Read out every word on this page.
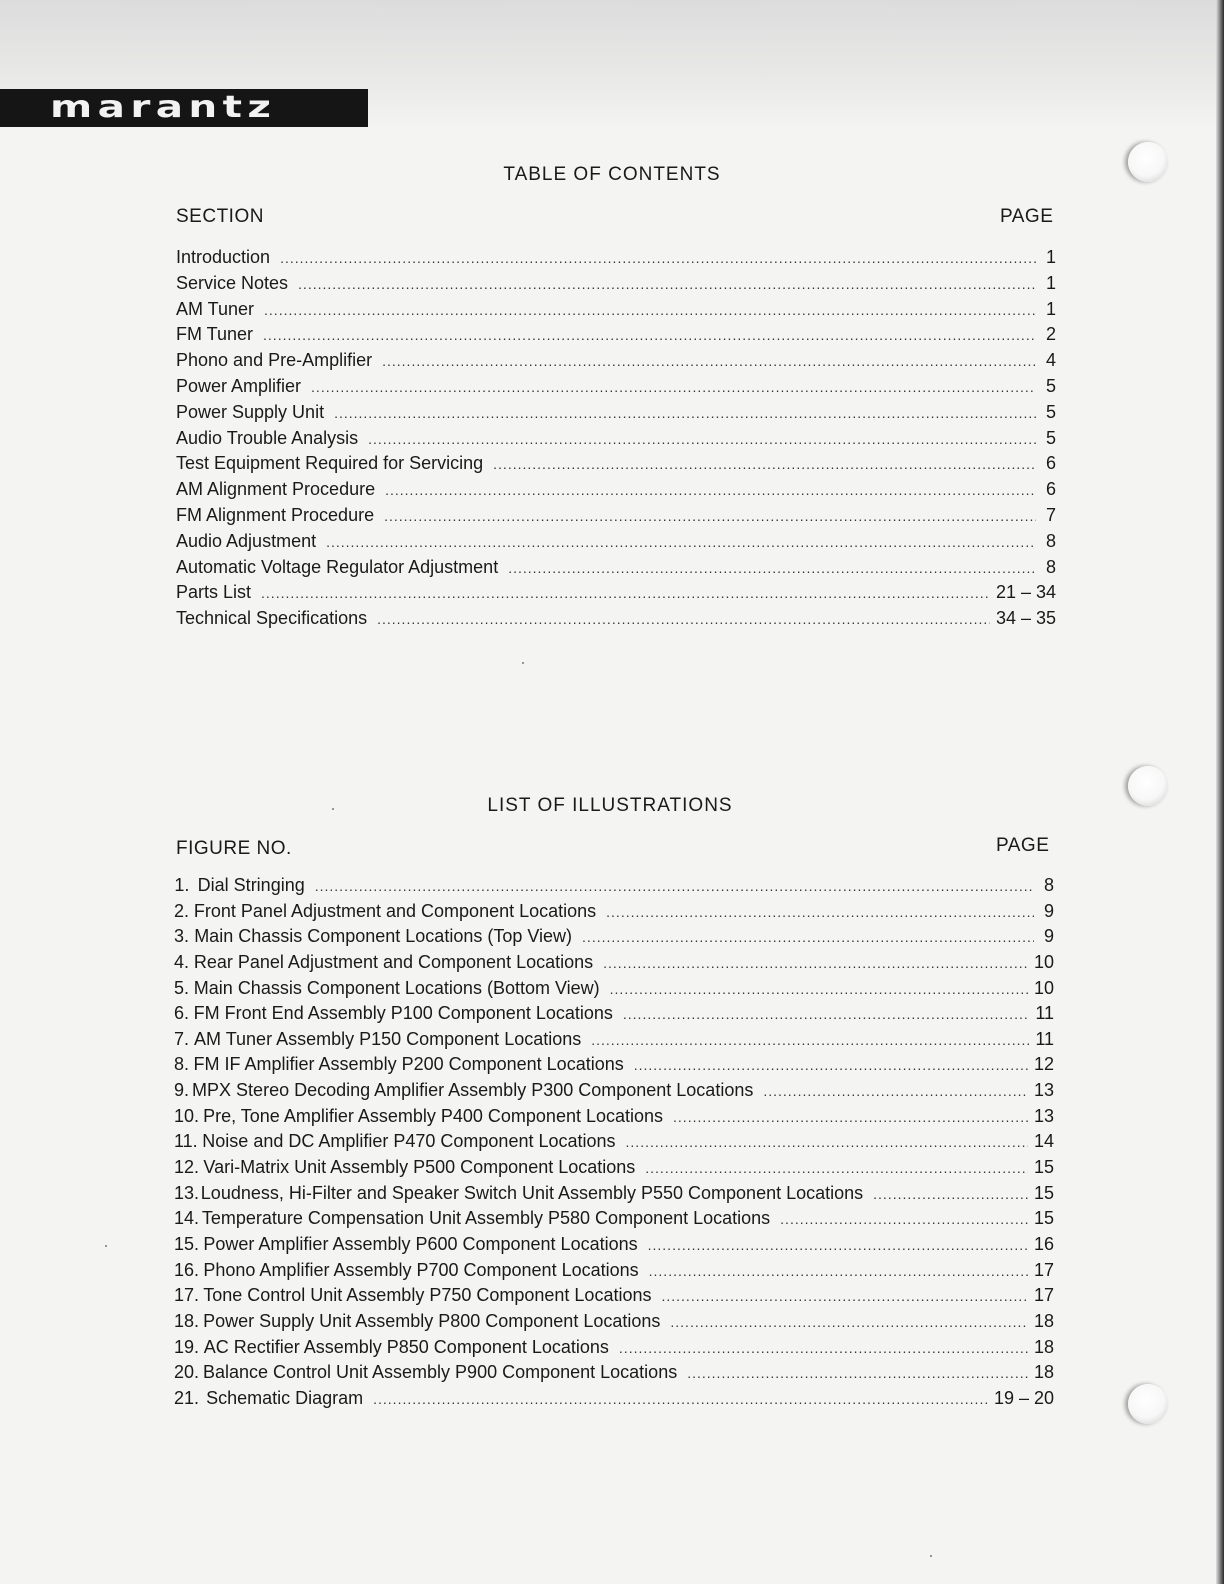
marantz
TABLE OF CONTENTS
SECTION	PAGE
Introduction .....	1
Service Notes .....	1
AM Tuner .....	1
FM Tuner .....	2
Phono and Pre-Amplifier .....	4
Power Amplifier .....	5
Power Supply Unit .....	5
Audio Trouble Analysis .....	5
Test Equipment Required for Servicing .....	6
AM Alignment Procedure .....	6
FM Alignment Procedure .....	7
Audio Adjustment .....	8
Automatic Voltage Regulator Adjustment .....	8
Parts List .....	21 – 34
Technical Specifications .....	34 – 35
LIST OF ILLUSTRATIONS
FIGURE NO.	PAGE
1. Dial Stringing .....	8
2. Front Panel Adjustment and Component Locations .....	9
3. Main Chassis Component Locations (Top View) .....	9
4. Rear Panel Adjustment and Component Locations .....	10
5. Main Chassis Component Locations (Bottom View) .....	10
6. FM Front End Assembly P100 Component Locations .....	11
7. AM Tuner Assembly P150 Component Locations .....	11
8. FM IF Amplifier Assembly P200 Component Locations .....	12
9. MPX Stereo Decoding Amplifier Assembly P300 Component Locations .....	13
10. Pre, Tone Amplifier Assembly P400 Component Locations .....	13
11. Noise and DC Amplifier P470 Component Locations .....	14
12. Vari-Matrix Unit Assembly P500 Component Locations .....	15
13. Loudness, Hi-Filter and Speaker Switch Unit Assembly P550 Component Locations .....	15
14. Temperature Compensation Unit Assembly P580 Component Locations .....	15
15. Power Amplifier Assembly P600 Component Locations .....	16
16. Phono Amplifier Assembly P700 Component Locations .....	17
17. Tone Control Unit Assembly P750 Component Locations .....	17
18. Power Supply Unit Assembly P800 Component Locations .....	18
19. AC Rectifier Assembly P850 Component Locations .....	18
20. Balance Control Unit Assembly P900 Component Locations .....	18
21. Schematic Diagram .....	19 – 20
